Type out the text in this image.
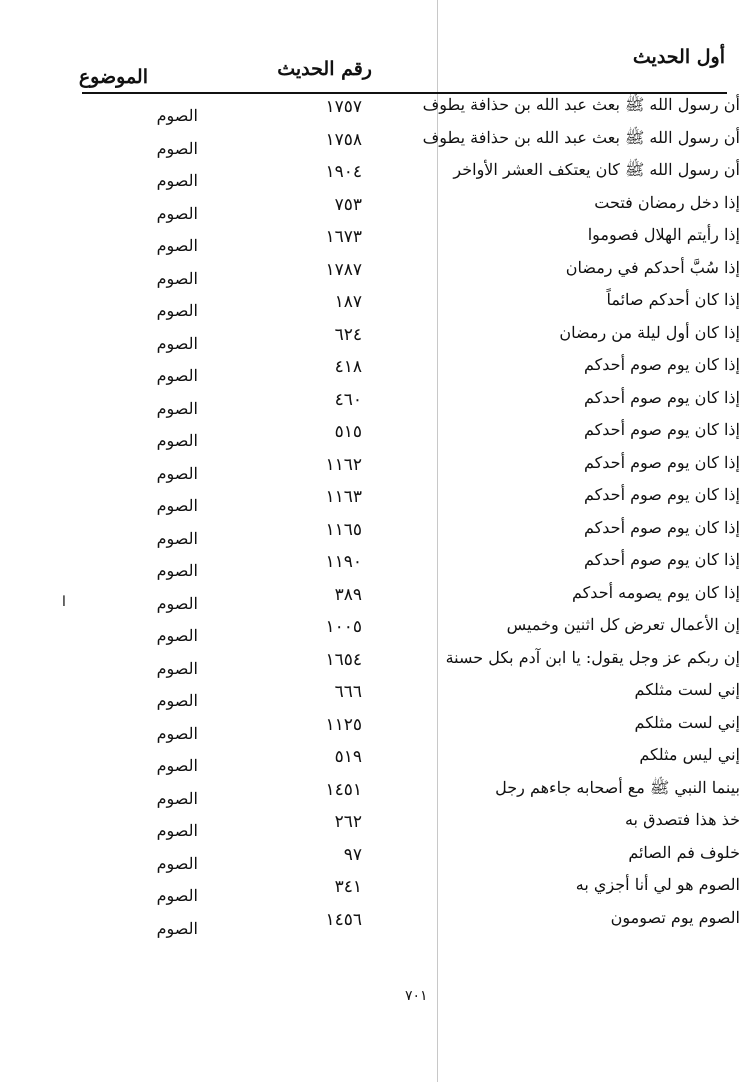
أول الحديث
رقم الحديث
الموضوع
أن رسول الله ﷺ بعث عبد الله بن حذافة يطوف
١٧٥٧
الصوم
أن رسول الله ﷺ بعث عبد الله بن حذافة يطوف
١٧٥٨
الصوم
أن رسول الله ﷺ كان يعتكف العشر الأواخر
١٩٠٤
الصوم
إذا دخل رمضان فتحت
٧٥٣
الصوم
إذا رأيتم الهلال فصوموا
١٦٧٣
الصوم
إذا سُبَّ أحدكم في رمضان
١٧٨٧
الصوم
إذا كان أحدكم صائماً
١٨٧
الصوم
إذا كان أول ليلة من رمضان
٦٢٤
الصوم
إذا كان يوم صوم أحدكم
٤١٨
الصوم
إذا كان يوم صوم أحدكم
٤٦٠
الصوم
إذا كان يوم صوم أحدكم
٥١٥
الصوم
إذا كان يوم صوم أحدكم
١١٦٢
الصوم
إذا كان يوم صوم أحدكم
١١٦٣
الصوم
إذا كان يوم صوم أحدكم
١١٦٥
الصوم
إذا كان يوم صوم أحدكم
١١٩٠
الصوم
إذا كان يوم يصومه أحدكم
٣٨٩
الصوم
إن الأعمال تعرض كل اثنين وخميس
١٠٠٥
الصوم
إن ربكم عز وجل يقول: يا ابن آدم بكل حسنة
١٦٥٤
الصوم
إني لست مثلكم
٦٦٦
الصوم
إني لست مثلكم
١١٢٥
الصوم
إني ليس مثلكم
٥١٩
الصوم
بينما النبي ﷺ مع أصحابه جاءهم رجل
١٤٥١
الصوم
خذ هذا فتصدق به
٢٦٢
الصوم
خلوف فم الصائم
٩٧
الصوم
الصوم هو لي أنا أجزي به
٣٤١
الصوم
الصوم يوم تصومون
١٤٥٦
الصوم
ا
٧٠١
